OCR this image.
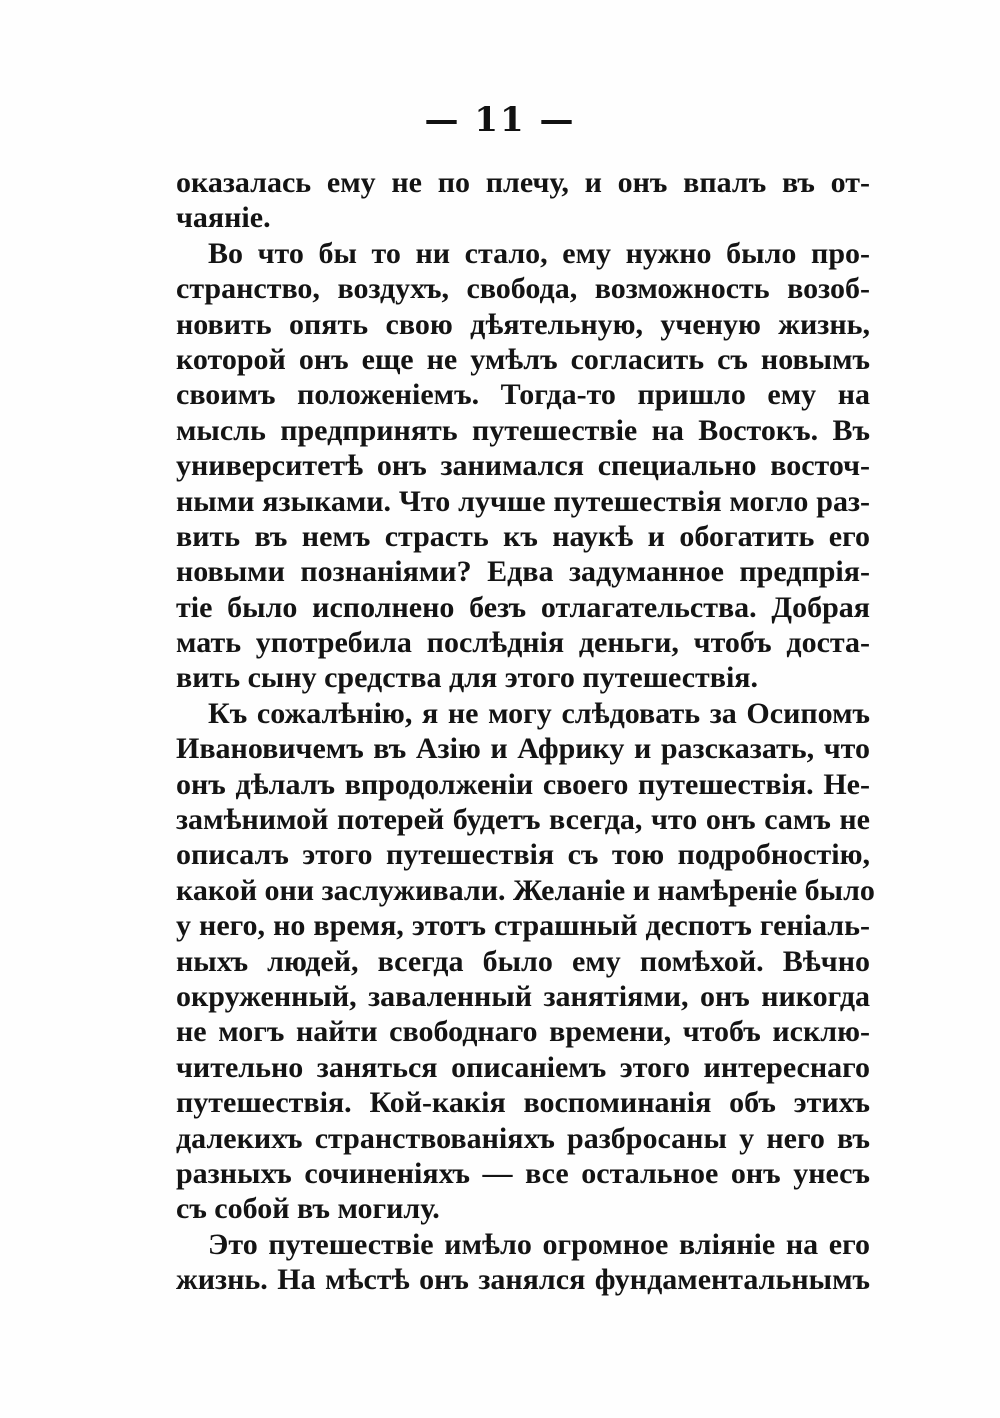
— 11 —
оказалась ему не по плечу, и онъ впалъ въ от-
чаяніе.
Во что бы то ни стало, ему нужно было про-
странство, воздухъ, свобода, возможность возоб-
новить опять свою дѣятельную, ученую жизнь,
которой онъ еще не умѣлъ согласить съ новымъ
своимъ положеніемъ. Тогда-то пришло ему на
мысль предпринять путешествіе на Востокъ. Въ
университетѣ онъ занимался специально восточ-
ными языками. Что лучше путешествія могло раз-
вить въ немъ страсть къ наукѣ и обогатить его
новыми познаніями? Едва задуманное предпрія-
тіе было исполнено безъ отлагательства. Добрая
мать употребила послѣднія деньги, чтобъ доста-
вить сыну средства для этого путешествія.
Къ сожалѣнію, я не могу слѣдовать за Осипомъ
Ивановичемъ въ Азію и Африку и разсказать, что
онъ дѣлалъ впродолженіи своего путешествія. Не-
замѣнимой потерей будетъ всегда, что онъ самъ не
описалъ этого путешествія съ тою подробностію,
какой они заслуживали. Желаніе и намѣреніе было
у него, но время, этотъ страшный деспотъ геніаль-
ныхъ людей, всегда было ему помѣхой. Вѣчно
окруженный, заваленный занятіями, онъ никогда
не могъ найти свободнаго времени, чтобъ исклю-
чительно заняться описаніемъ этого интереснаго
путешествія. Кой-какія воспоминанія объ этихъ
далекихъ странствованіяхъ разбросаны у него въ
разныхъ сочиненіяхъ — все остальное онъ унесъ
съ собой въ могилу.
Это путешествіе имѣло огромное вліяніе на его
жизнь. На мѣстѣ онъ занялся фундаментальнымъ
